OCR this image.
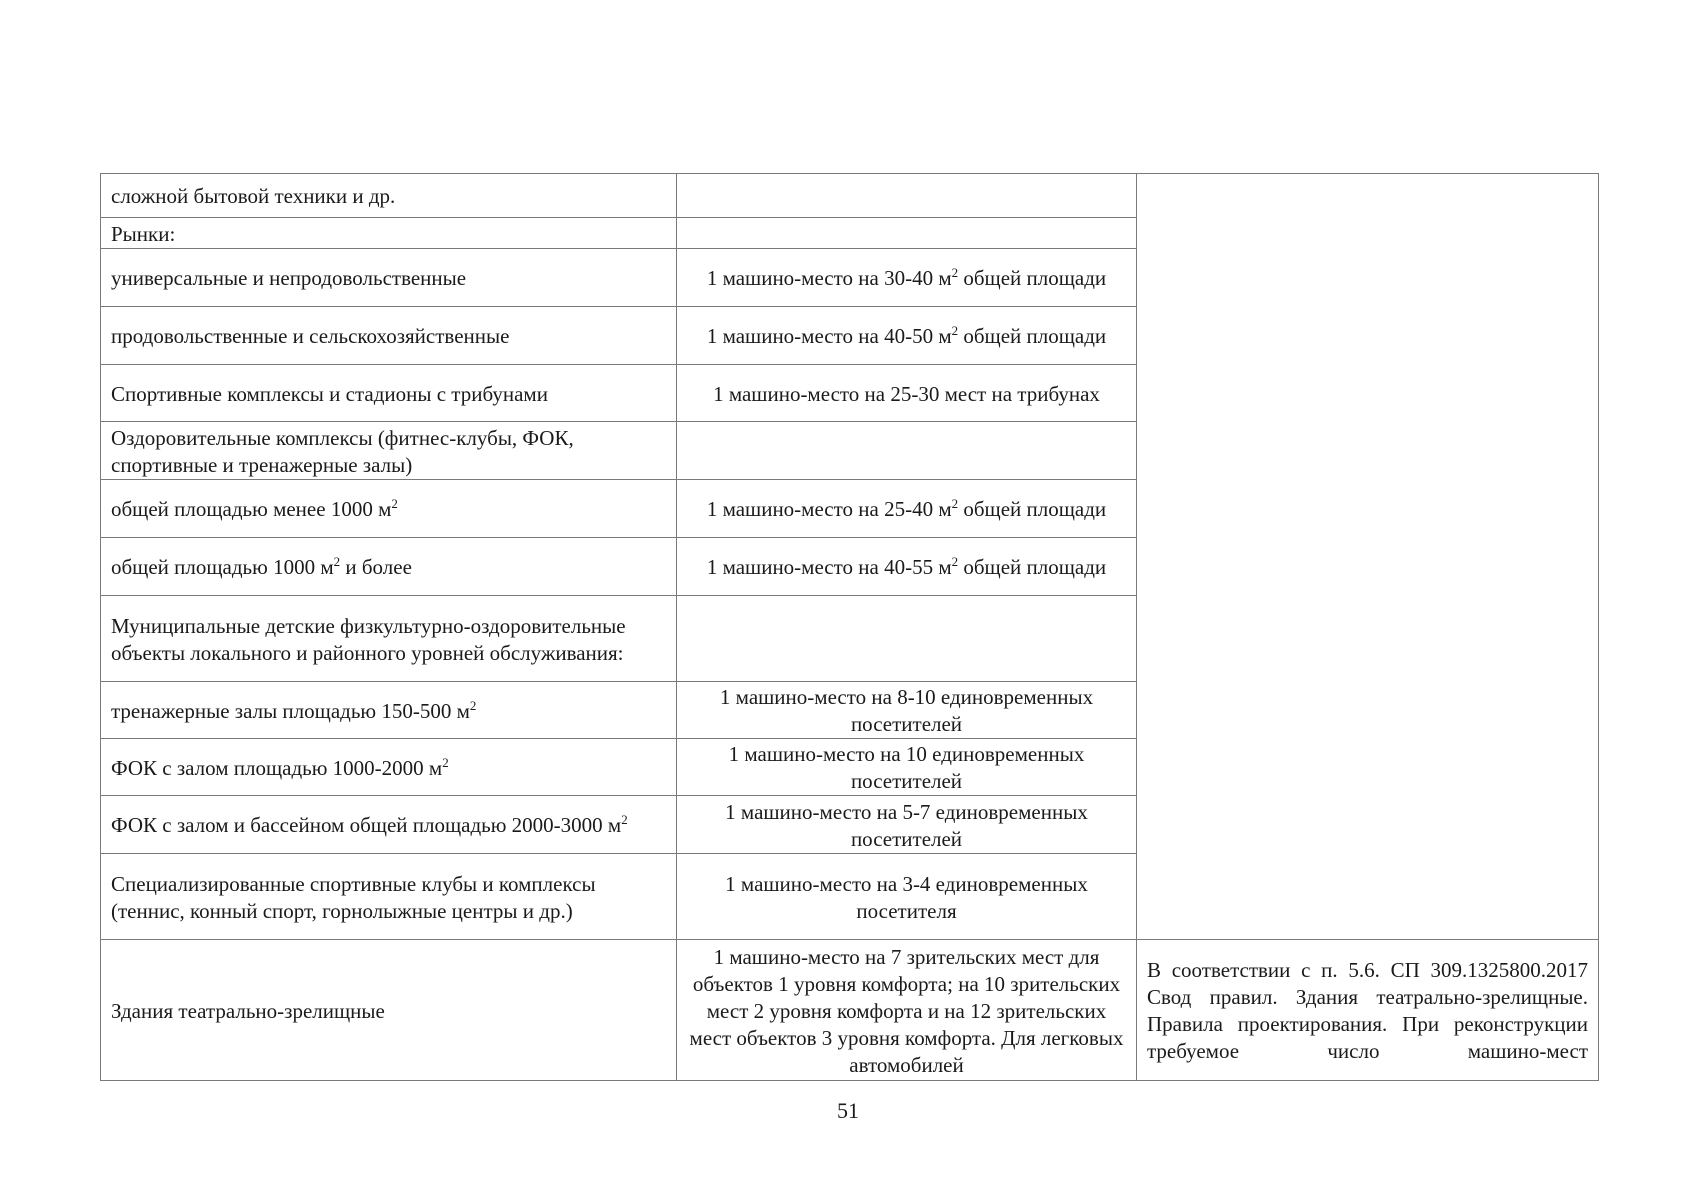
сложной бытовой техники и др.		
Рынки:		
универсальные и непродовольственные	1 машино-место на 30-40 $м^2$ общей площади	
продовольственные и сельскохозяйственные	1 машино-место на 40-50 $м^2$ общей площади	
Спортивные комплексы и стадионы с трибунами	1 машино-место на 25-30 мест на трибунах	
Оздоровительные комплексы (фитнес-клубы, ФОК, спортивные и тренажерные залы)		
общей площадью менее 1000 $м^2$	1 машино-место на 25-40 $м^2$ общей площади	
общей площадью 1000 $м^2$ и более	1 машино-место на 40-55 $м^2$ общей площади	
Муниципальные детские физкультурно-оздоровительные объекты локального и районного уровней обслуживания:		
тренажерные залы площадью 150-500 $м^2$	1 машино-место на 8-10 единовременных посетителей	
ФОК с залом площадью 1000-2000 $м^2$	1 машино-место на 10 единовременных посетителей	
ФОК с залом и бассейном общей площадью 2000-3000 $м^2$	1 машино-место на 5-7 единовременных посетителей	
Специализированные спортивные клубы и комплексы (теннис, конный спорт, горнолыжные центры и др.)	1 машино-место на 3-4 единовременных посетителя	
Здания театрально-зрелищные	1 машино-место на 7 зрительских мест для объектов 1 уровня комфорта; на 10 зрительских мест 2 уровня комфорта и на 12 зрительских мест объектов 3 уровня комфорта. Для легковых автомобилей	В соответствии с п. 5.6. СП 309.1325800.2017 Свод правил. Здания театрально-зрелищные. Правила проектирования. При реконструкции требуемое число машино-мест
51
